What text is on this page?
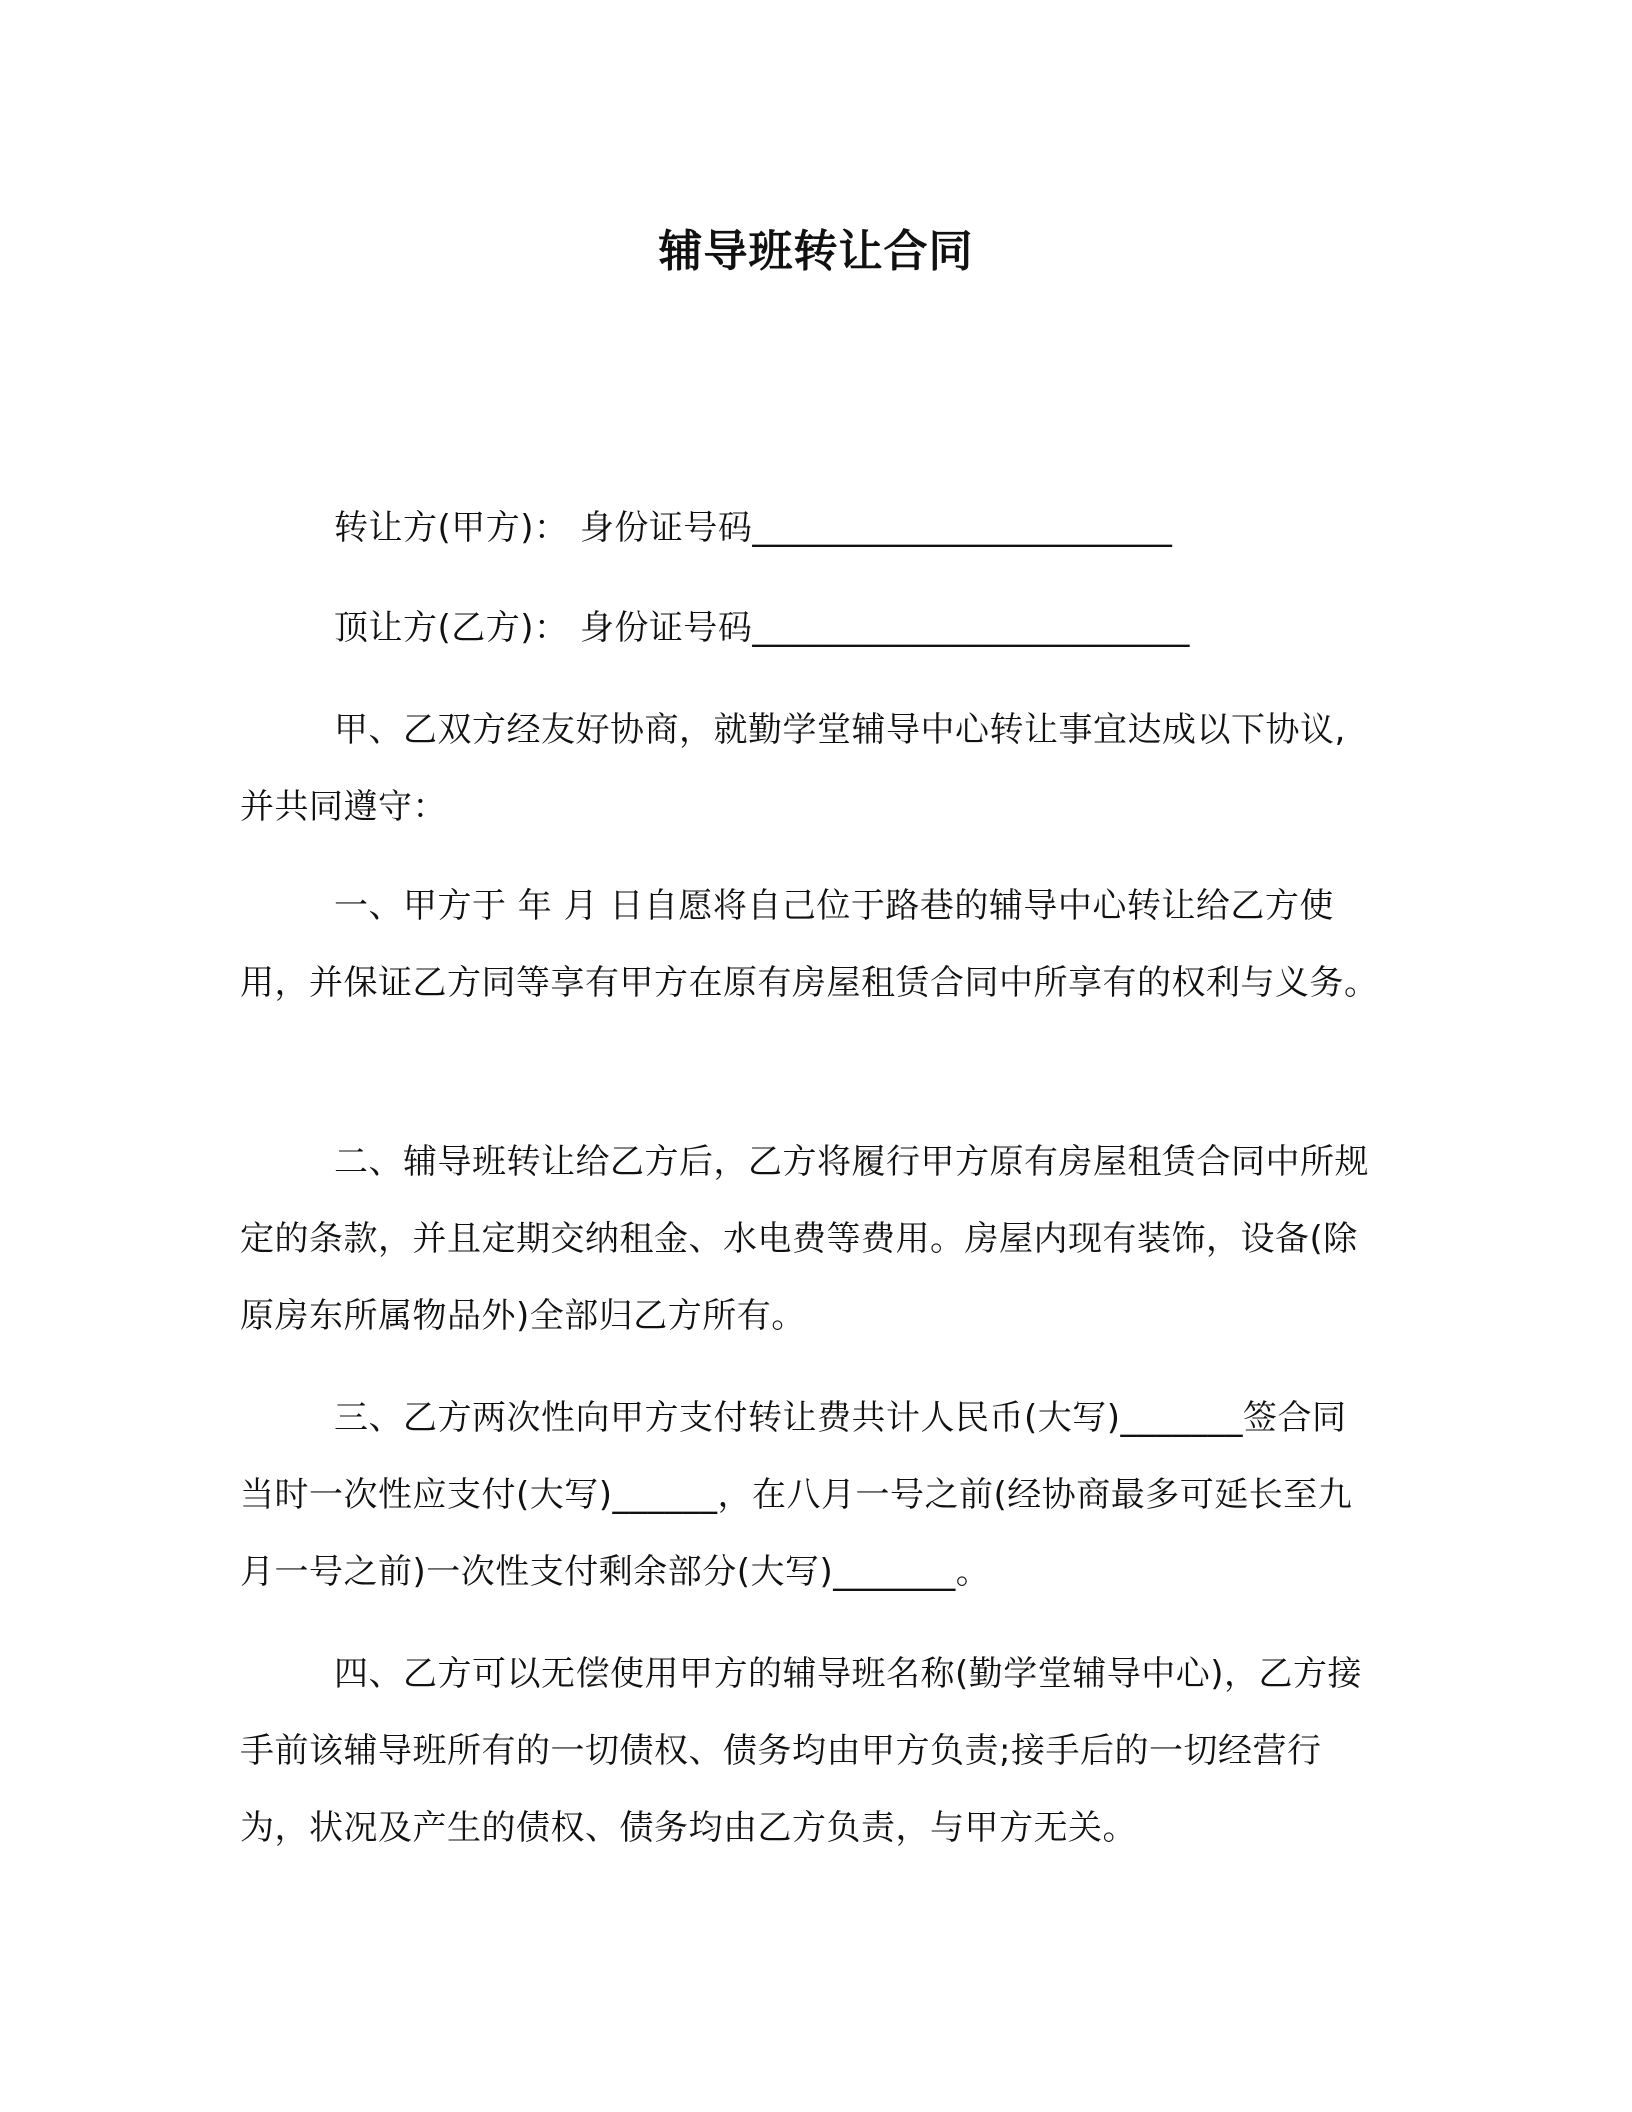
辅导班转让合同

转让方(甲方)： 身份证号码________________________

顶让方(乙方)： 身份证号码_________________________

甲、乙双方经友好协商，就勤学堂辅导中心转让事宜达成以下协议,并共同遵守：

一、甲方于 年 月 日自愿将自己位于路巷的辅导中心转让给乙方使用，并保证乙方同等享有甲方在原有房屋租赁合同中所享有的权利与义务。

二、辅导班转让给乙方后，乙方将履行甲方原有房屋租赁合同中所规定的条款，并且定期交纳租金、水电费等费用。房屋内现有装饰，设备(除原房东所属物品外)全部归乙方所有。

三、乙方两次性向甲方支付转让费共计人民币(大写)_______签合同当时一次性应支付(大写)______，在八月一号之前(经协商最多可延长至九月一号之前)一次性支付剩余部分(大写)_______。

四、乙方可以无偿使用甲方的辅导班名称(勤学堂辅导中心)，乙方接手前该辅导班所有的一切债权、债务均由甲方负责;接手后的一切经营行为，状况及产生的债权、债务均由乙方负责，与甲方无关。
